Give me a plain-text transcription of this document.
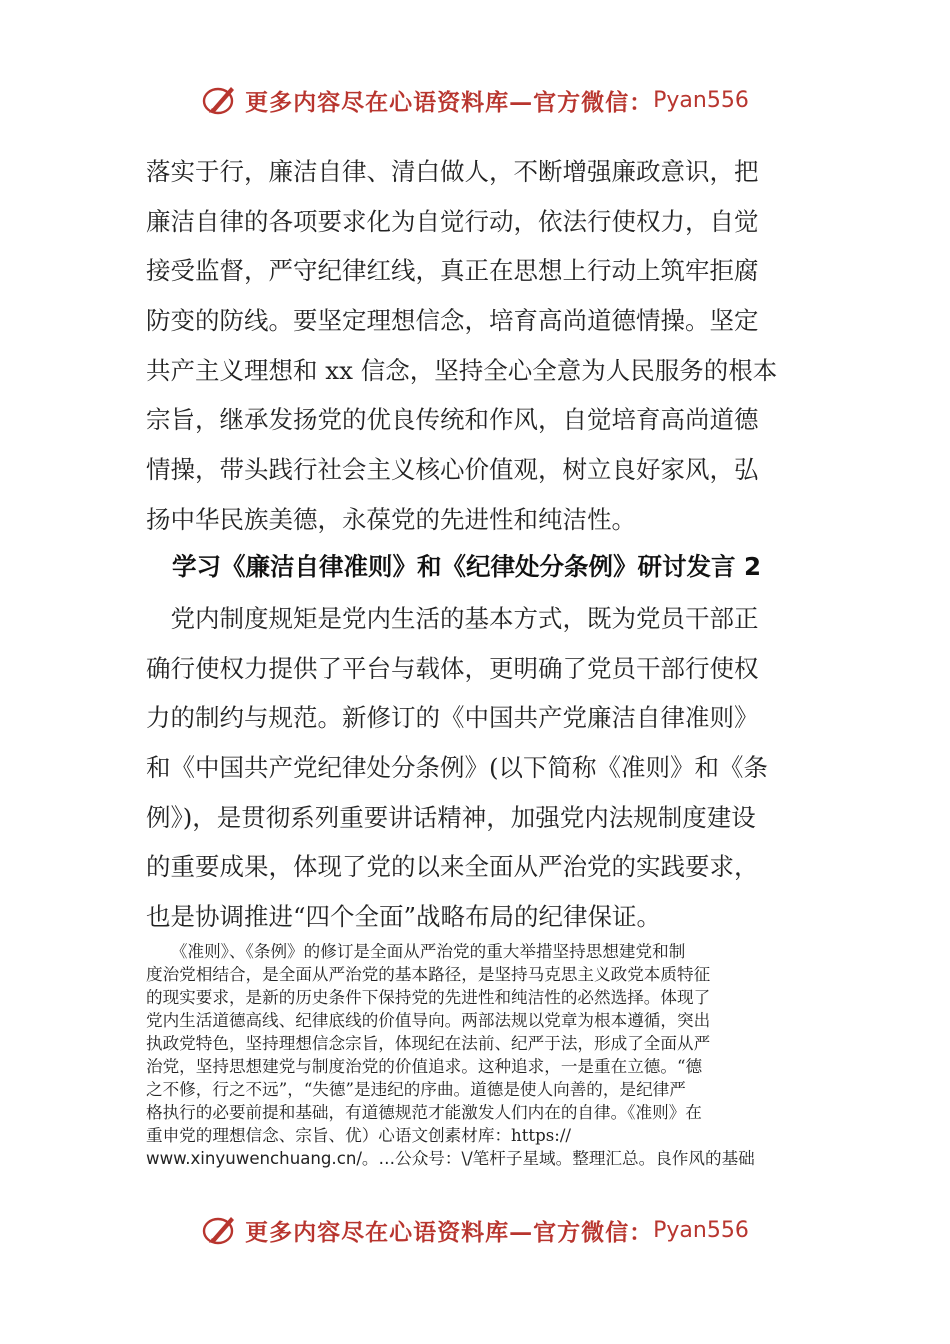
更多内容尽在心语资料库—官方微信： Pyan556
落实于行，廉洁自律、清白做人，不断增强廉政意识，把
廉洁自律的各项要求化为自觉行动，依法行使权力，自觉
接受监督，严守纪律红线，真正在思想上行动上筑牢拒腐
防变的防线。要坚定理想信念，培育高尚道德情操。坚定
共产主义理想和 xx 信念，坚持全心全意为人民服务的根本
宗旨，继承发扬党的优良传统和作风，自觉培育高尚道德
情操，带头践行社会主义核心价值观，树立良好家风，弘
扬中华民族美德，永葆党的先进性和纯洁性。
学习《廉洁自律准则》和《纪律处分条例》研讨发言 2
　党内制度规矩是党内生活的基本方式，既为党员干部正
确行使权力提供了平台与载体，更明确了党员干部行使权
力的制约与规范。新修订的《中国共产党廉洁自律准则》
和《中国共产党纪律处分条例》(以下简称《准则》和《条
例》)，是贯彻系列重要讲话精神，加强党内法规制度建设
的重要成果，体现了党的以来全面从严治党的实践要求，
也是协调推进“四个全面”战略布局的纪律保证。
　　《准则》、《条例》的修订是全面从严治党的重大举措坚持思想建党和制
度治党相结合，是全面从严治党的基本路径，是坚持马克思主义政党本质特征
的现实要求，是新的历史条件下保持党的先进性和纯洁性的必然选择。体现了
党内生活道德高线、纪律底线的价值导向。两部法规以党章为根本遵循，突出
执政党特色，坚持理想信念宗旨，体现纪在法前、纪严于法，形成了全面从严
治党，坚持思想建党与制度治党的价值追求。这种追求，一是重在立德。“德
之不修，行之不远”，“失德”是违纪的序曲。道德是使人向善的，是纪律严
格执行的必要前提和基础，有道德规范才能激发人们内在的自律。《准则》在
重申党的理想信念、宗旨、优）心语文创素材库：https://
www.xinyuwenchuang.cn/。…公众号：\/笔杆子星域。整理汇总。良作风的基础
更多内容尽在心语资料库—官方微信： Pyan556
